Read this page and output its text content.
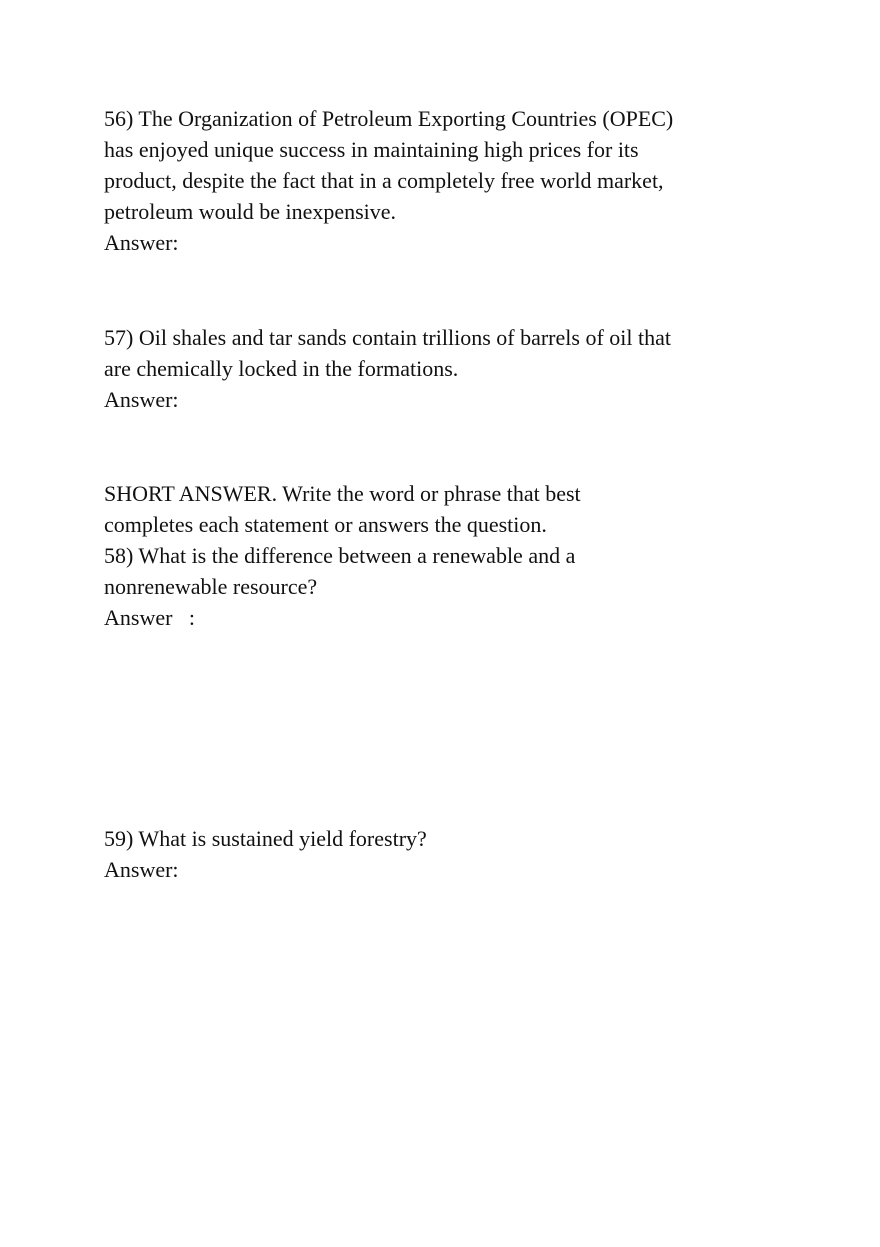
56) The Organization of Petroleum Exporting Countries (OPEC)
has enjoyed unique success in maintaining high prices for its
product, despite the fact that in a completely free world market,
petroleum would be inexpensive.
Answer:
57) Oil shales and tar sands contain trillions of barrels of oil that
are chemically locked in the formations.
Answer:
SHORT ANSWER. Write the word or phrase that best
completes each statement or answers the question.
58) What is the difference between a renewable and a
nonrenewable resource?
Answer   :
59) What is sustained yield forestry?
Answer:
